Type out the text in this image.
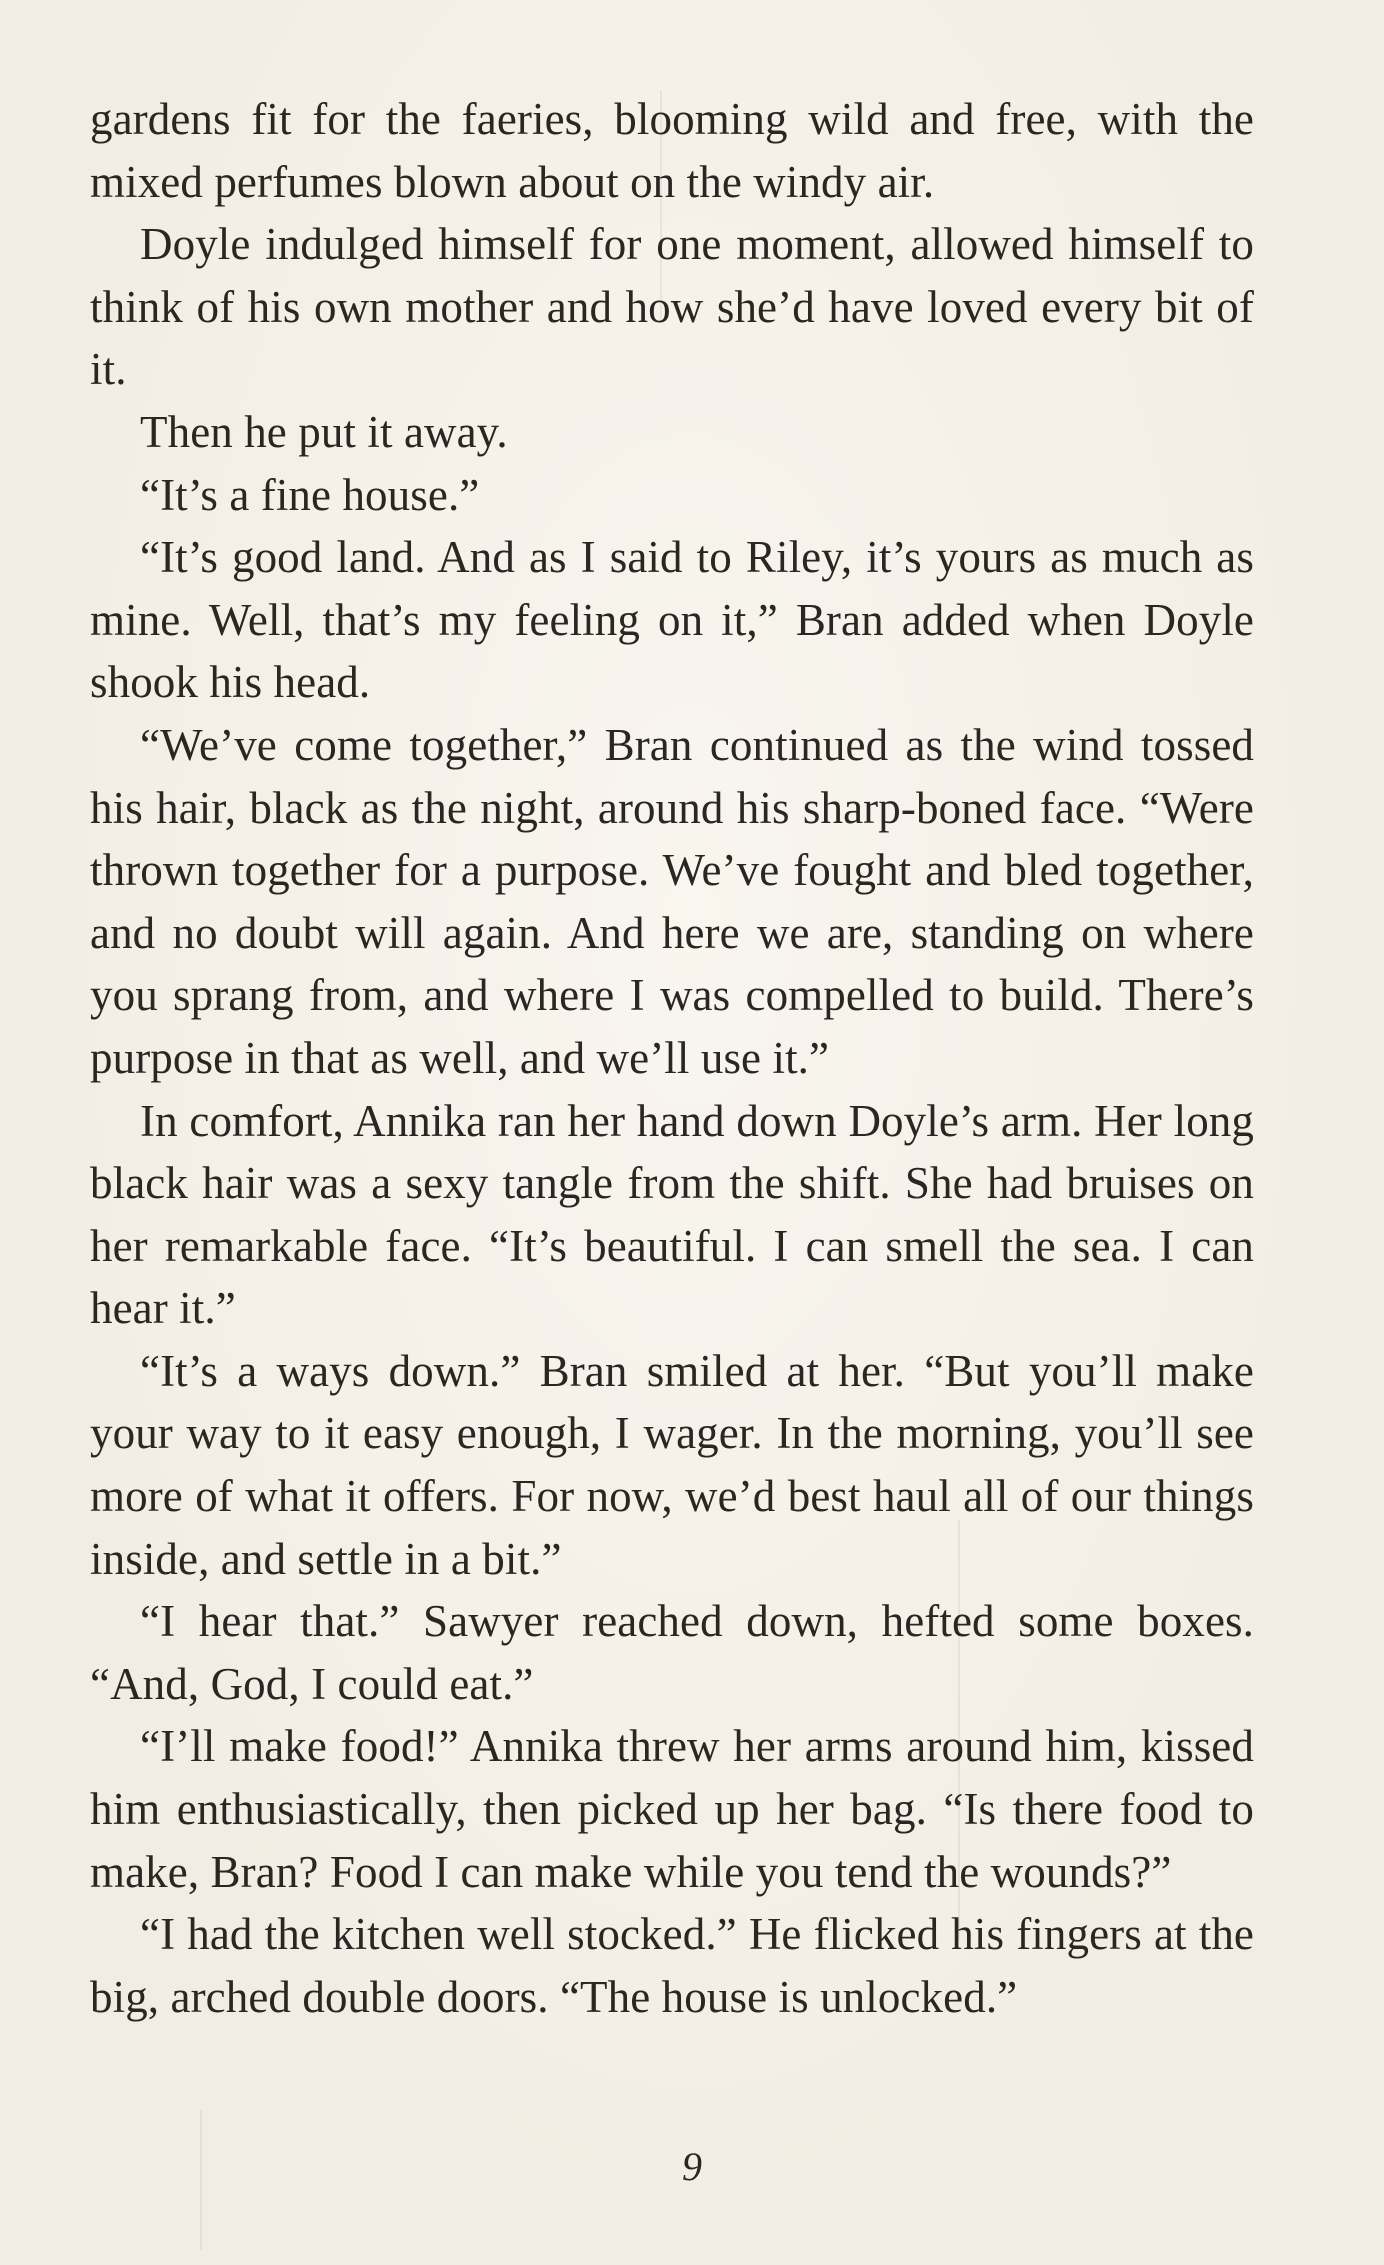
gardens fit for the faeries, blooming wild and free, with the mixed perfumes blown about on the windy air.

Doyle indulged himself for one moment, allowed himself to think of his own mother and how she’d have loved every bit of it.

Then he put it away.

“It’s a fine house.”

“It’s good land. And as I said to Riley, it’s yours as much as mine. Well, that’s my feeling on it,” Bran added when Doyle shook his head.

“We’ve come together,” Bran continued as the wind tossed his hair, black as the night, around his sharp-boned face. “Were thrown together for a purpose. We’ve fought and bled together, and no doubt will again. And here we are, standing on where you sprang from, and where I was compelled to build. There’s purpose in that as well, and we’ll use it.”

In comfort, Annika ran her hand down Doyle’s arm. Her long black hair was a sexy tangle from the shift. She had bruises on her remarkable face. “It’s beautiful. I can smell the sea. I can hear it.”

“It’s a ways down.” Bran smiled at her. “But you’ll make your way to it easy enough, I wager. In the morning, you’ll see more of what it offers. For now, we’d best haul all of our things inside, and settle in a bit.”

“I hear that.” Sawyer reached down, hefted some boxes. “And, God, I could eat.”

“I’ll make food!” Annika threw her arms around him, kissed him enthusiastically, then picked up her bag. “Is there food to make, Bran? Food I can make while you tend the wounds?”

“I had the kitchen well stocked.” He flicked his fingers at the big, arched double doors. “The house is unlocked.”

9
